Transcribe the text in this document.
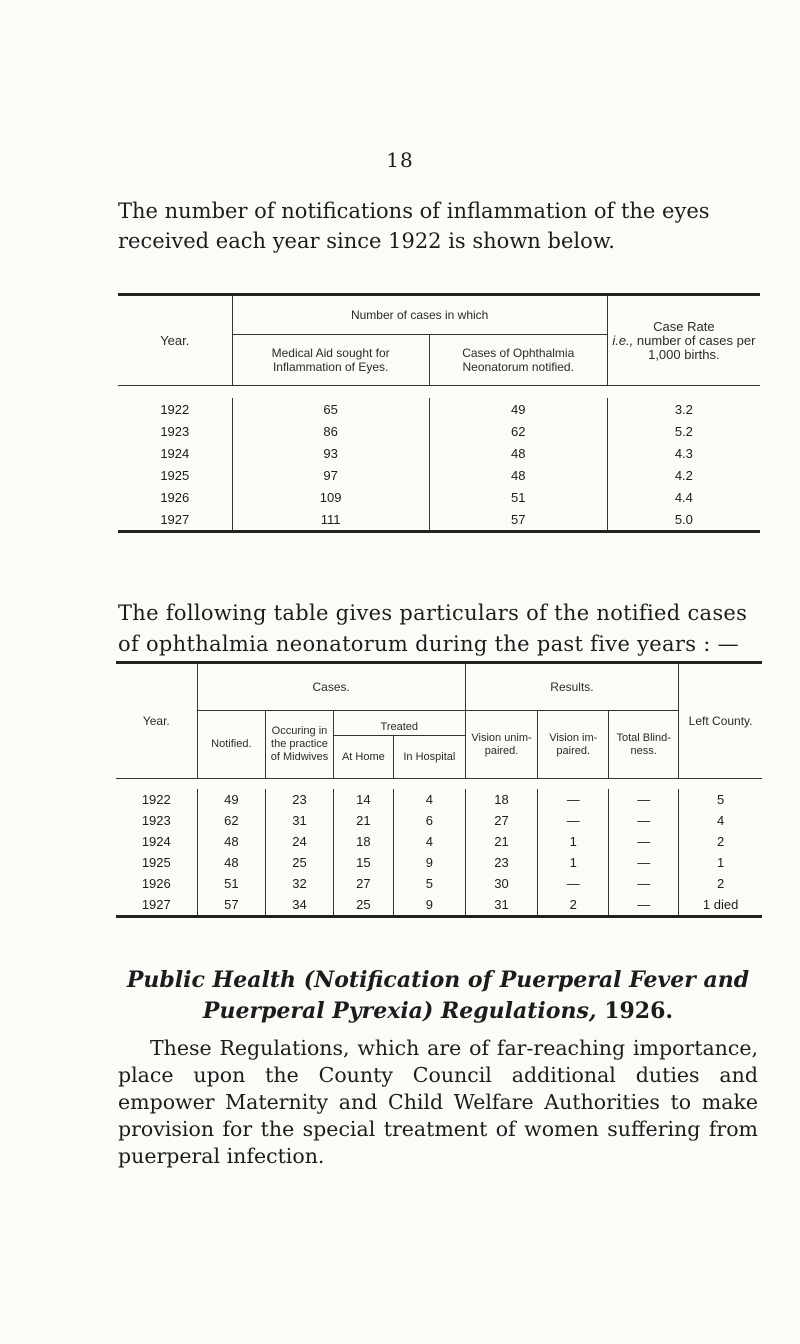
18

The number of notifications of inflammation of the eyes received each year since 1922 is shown below.

Year.	Number of cases in which		Case Rate
i.e., number of cases per 1,000 births.
	Medical Aid sought for Inflammation of Eyes.	Cases of Ophthalmia Neonatorum notified.	

1922	65	49	3.2
1923	86	62	5.2
1924	93	48	4.3
1925	97	48	4.2
1926	109	51	4.4
1927	111	57	5.0

The following table gives particulars of the notified cases of ophthalmia neonatorum during the past five years : —

Year.	Cases.				Results.			Left County.
	Notified.	Occuring in the practice of Midwives	Treated		Vision unim-paired.	Vision im-paired.	Total Blind-ness.	
			At Home	In Hospital				

1922	49	23	14	4	18	—	—	5
1923	62	31	21	6	27	—	—	4
1924	48	24	18	4	21	1	—	2
1925	48	25	15	9	23	1	—	1
1926	51	32	27	5	30	—	—	2
1927	57	34	25	9	31	2	—	1 died
Public Health (Notification of Puerperal Fever and Puerperal Pyrexia) Regulations, 1926.

These Regulations, which are of far-reaching importance, place upon the County Council additional duties and empower Maternity and Child Welfare Authorities to make provision for the special treatment of women suffering from puerperal infection.
